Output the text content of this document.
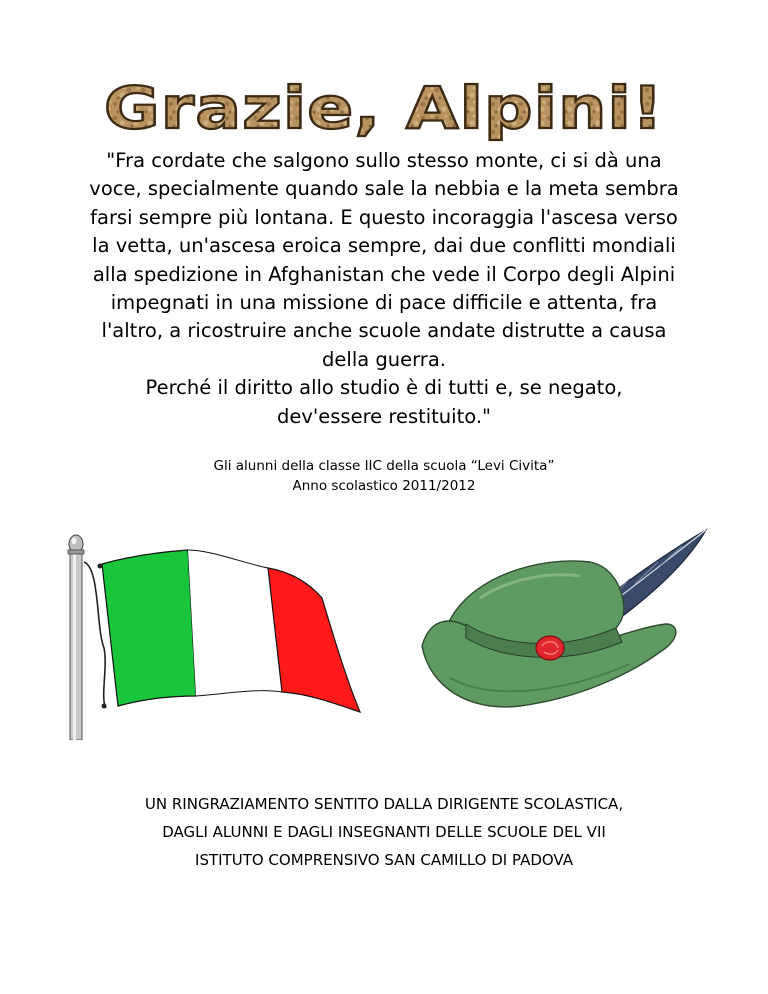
Grazie, Alpini!
"Fra cordate che salgono sullo stesso monte, ci si dà una
voce, specialmente quando sale la nebbia e la meta sembra
farsi sempre più lontana. E questo incoraggia l'ascesa verso
la vetta, un'ascesa eroica sempre, dai due conflitti mondiali
alla spedizione in Afghanistan che vede il Corpo degli Alpini
impegnati in una missione di pace difficile e attenta, fra
l'altro, a ricostruire anche scuole andate distrutte a causa
della guerra.
Perché il diritto allo studio è di tutti e, se negato,
dev'essere restituito."
Gli alunni della classe IIC della scuola “Levi Civita”
Anno scolastico 2011/2012
UN RINGRAZIAMENTO SENTITO DALLA DIRIGENTE SCOLASTICA,
DAGLI ALUNNI E DAGLI INSEGNANTI DELLE SCUOLE DEL VII
ISTITUTO COMPRENSIVO SAN CAMILLO DI PADOVA
